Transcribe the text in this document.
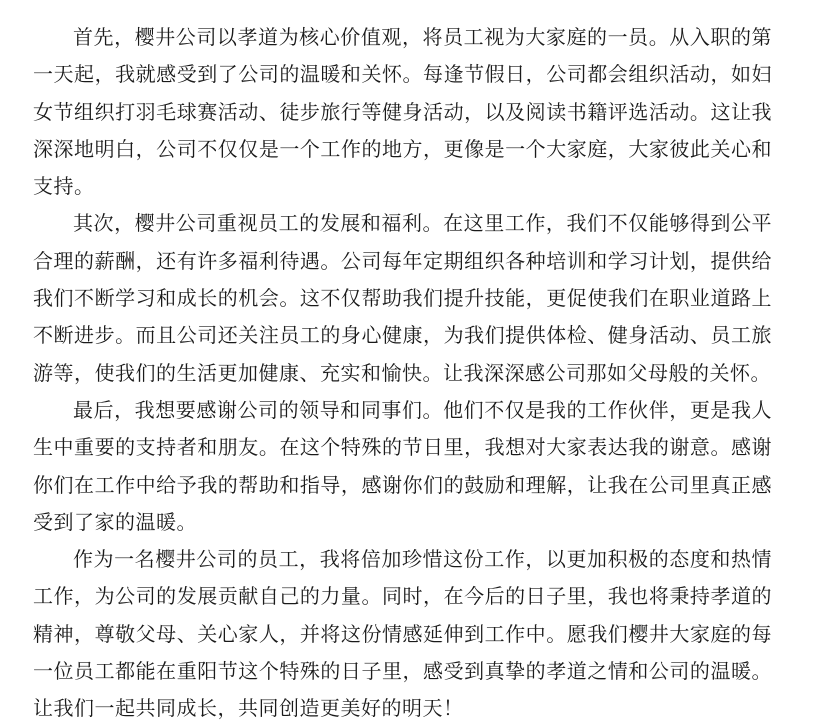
首先，樱井公司以孝道为核心价值观，将员工视为大家庭的一员。从入职的第一天起，我就感受到了公司的温暖和关怀。每逢节假日，公司都会组织活动，如妇女节组织打羽毛球赛活动、徒步旅行等健身活动，以及阅读书籍评选活动。这让我深深地明白，公司不仅仅是一个工作的地方，更像是一个大家庭，大家彼此关心和支持。

其次，樱井公司重视员工的发展和福利。在这里工作，我们不仅能够得到公平合理的薪酬，还有许多福利待遇。公司每年定期组织各种培训和学习计划，提供给我们不断学习和成长的机会。这不仅帮助我们提升技能，更促使我们在职业道路上不断进步。而且公司还关注员工的身心健康，为我们提供体检、健身活动、员工旅游等，使我们的生活更加健康、充实和愉快。让我深深感公司那如父母般的关怀。

最后，我想要感谢公司的领导和同事们。他们不仅是我的工作伙伴，更是我人生中重要的支持者和朋友。在这个特殊的节日里，我想对大家表达我的谢意。感谢你们在工作中给予我的帮助和指导，感谢你们的鼓励和理解，让我在公司里真正感受到了家的温暖。

作为一名樱井公司的员工，我将倍加珍惜这份工作，以更加积极的态度和热情工作，为公司的发展贡献自己的力量。同时，在今后的日子里，我也将秉持孝道的精神，尊敬父母、关心家人，并将这份情感延伸到工作中。愿我们樱井大家庭的每一位员工都能在重阳节这个特殊的日子里，感受到真挚的孝道之情和公司的温暖。让我们一起共同成长，共同创造更美好的明天！
